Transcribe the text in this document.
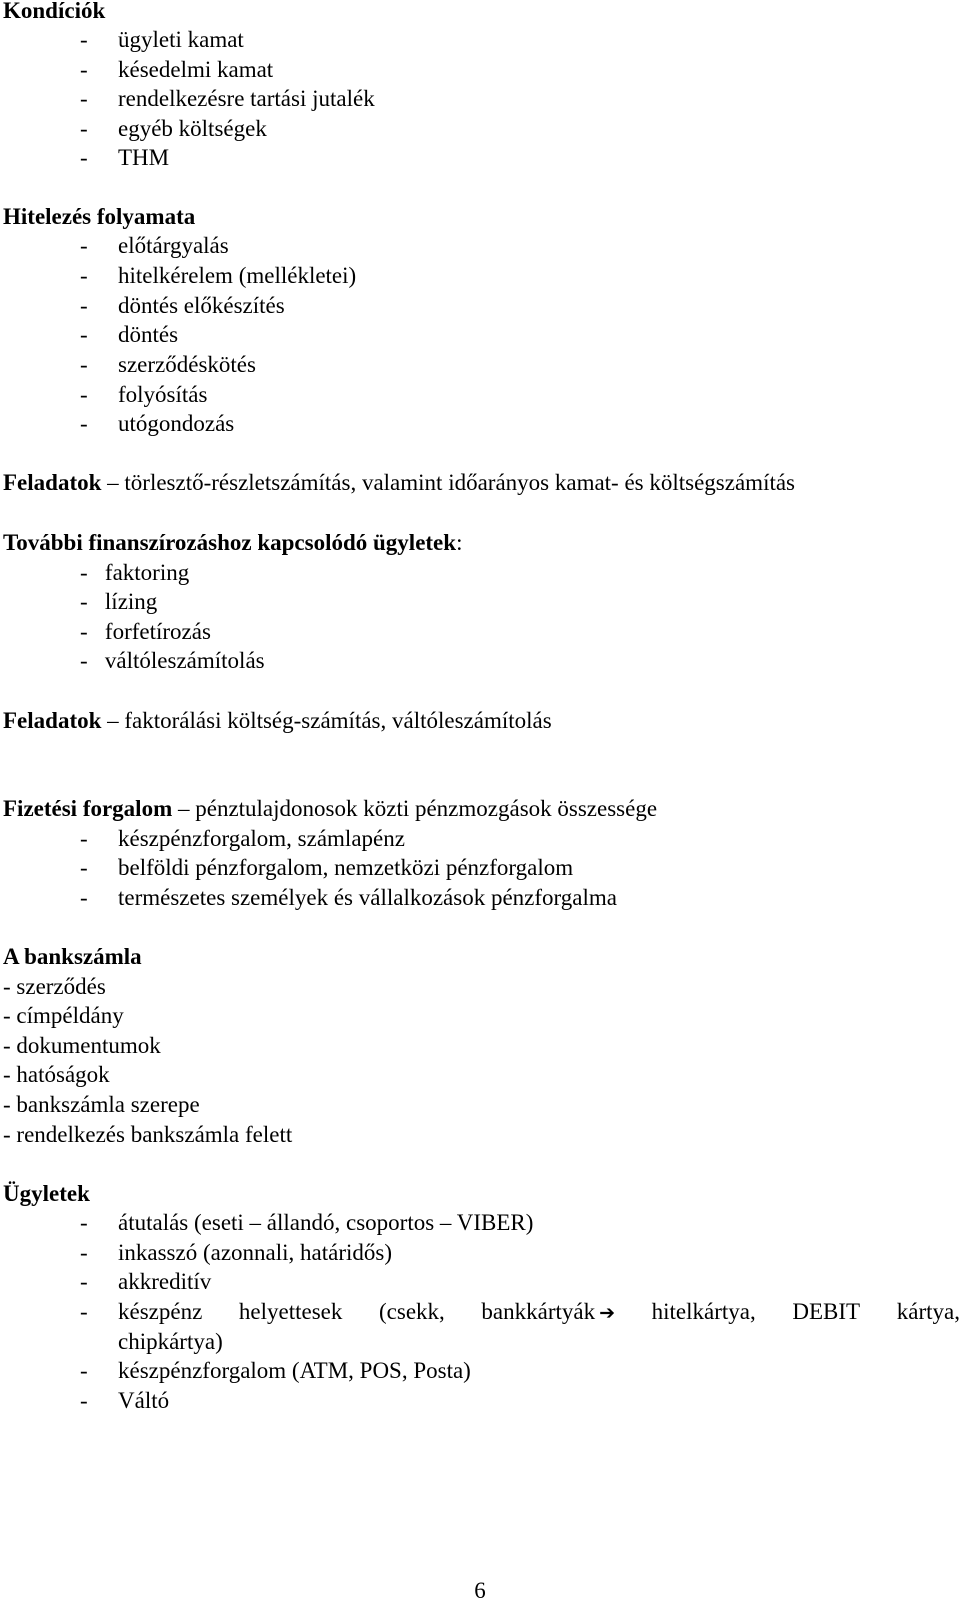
Kondíciók
- ügyleti kamat
- késedelmi kamat
- rendelkezésre tartási jutalék
- egyéb költségek
- THM
Hitelezés folyamata
- előtárgyalás
- hitelkérelem (mellékletei)
- döntés előkészítés
- döntés
- szerződéskötés
- folyósítás
- utógondozás
Feladatok – törlesztő-részletszámítás, valamint időarányos kamat- és költségszámítás
További finanszírozáshoz kapcsolódó ügyletek:
- faktoring
- lízing
- forfetírozás
- váltóleszámítolás
Feladatok – faktorálási költség-számítás, váltóleszámítolás
Fizetési forgalom – pénztulajdonosok közti pénzmozgások összessége
- készpénzforgalom, számlapénz
- belföldi pénzforgalom, nemzetközi pénzforgalom
- természetes személyek és vállalkozások pénzforgalma
A bankszámla
- szerződés
- címpéldány
- dokumentumok
- hatóságok
- bankszámla szerepe
- rendelkezés bankszámla felett
Ügyletek
- átutalás (eseti – állandó, csoportos – VIBER)
- inkasszó (azonnali, határidős)
- akkreditív
- készpénz helyettesek (csekk, bankkártyák ➔ hitelkártya, DEBIT kártya,
chipkártya)
- készpénzforgalom (ATM, POS, Posta)
- Váltó
6
